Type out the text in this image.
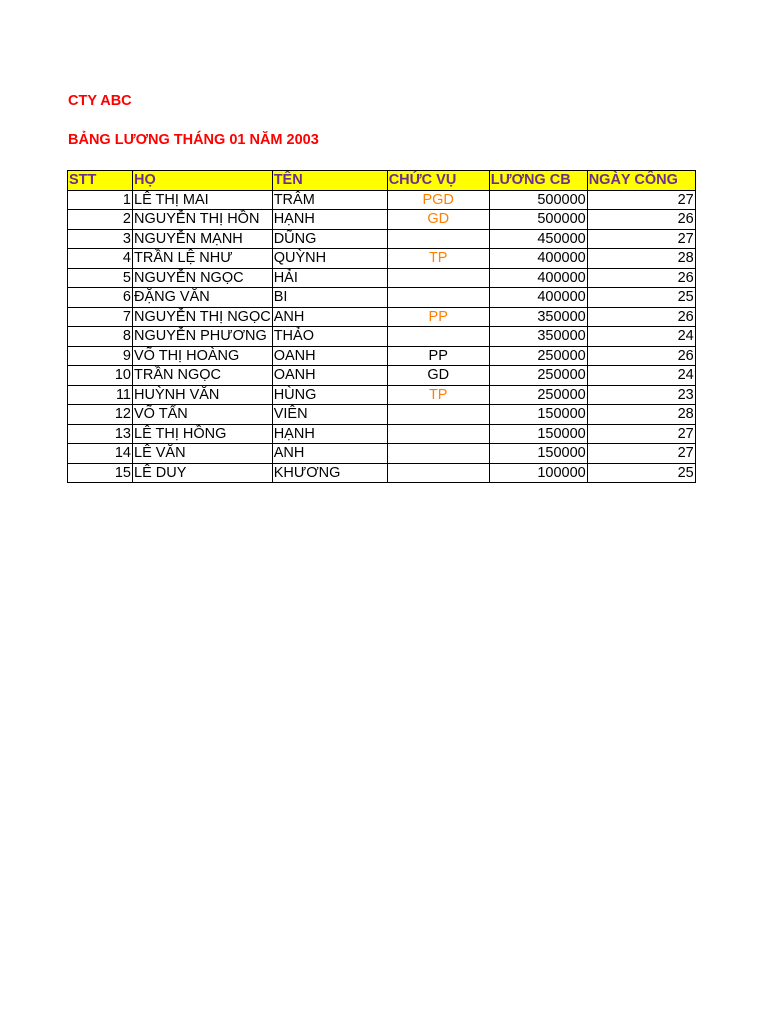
CTY ABC
BẢNG LƯƠNG THÁNG 01 NĂM 2003
STT	HỌ	TÊN	CHỨC VỤ	LƯƠNG CB	NGÀY CÔNG
1	LÊ THỊ MAI	TRÂM	PGD	500000	27
2	NGUYỄN THỊ HỒN	HẠNH	GD	500000	26
3	NGUYỄN MẠNH	DŨNG		450000	27
4	TRẦN LỆ NHƯ	QUỲNH	TP	400000	28
5	NGUYỄN NGỌC	HẢI		400000	26
6	ĐẶNG VĂN	BI		400000	25
7	NGUYỄN THỊ NGỌC	ANH	PP	350000	26
8	NGUYỄN PHƯƠNG	THẢO		350000	24
9	VÕ THỊ HOÀNG	OANH	PP	250000	26
10	TRẦN NGỌC	OANH	GD	250000	24
11	HUỲNH VĂN	HÙNG	TP	250000	23
12	VÕ TẤN	VIÊN		150000	28
13	LÊ THỊ HỒNG	HẠNH		150000	27
14	LÊ VĂN	ANH		150000	27
15	LÊ DUY	KHƯƠNG		100000	25
